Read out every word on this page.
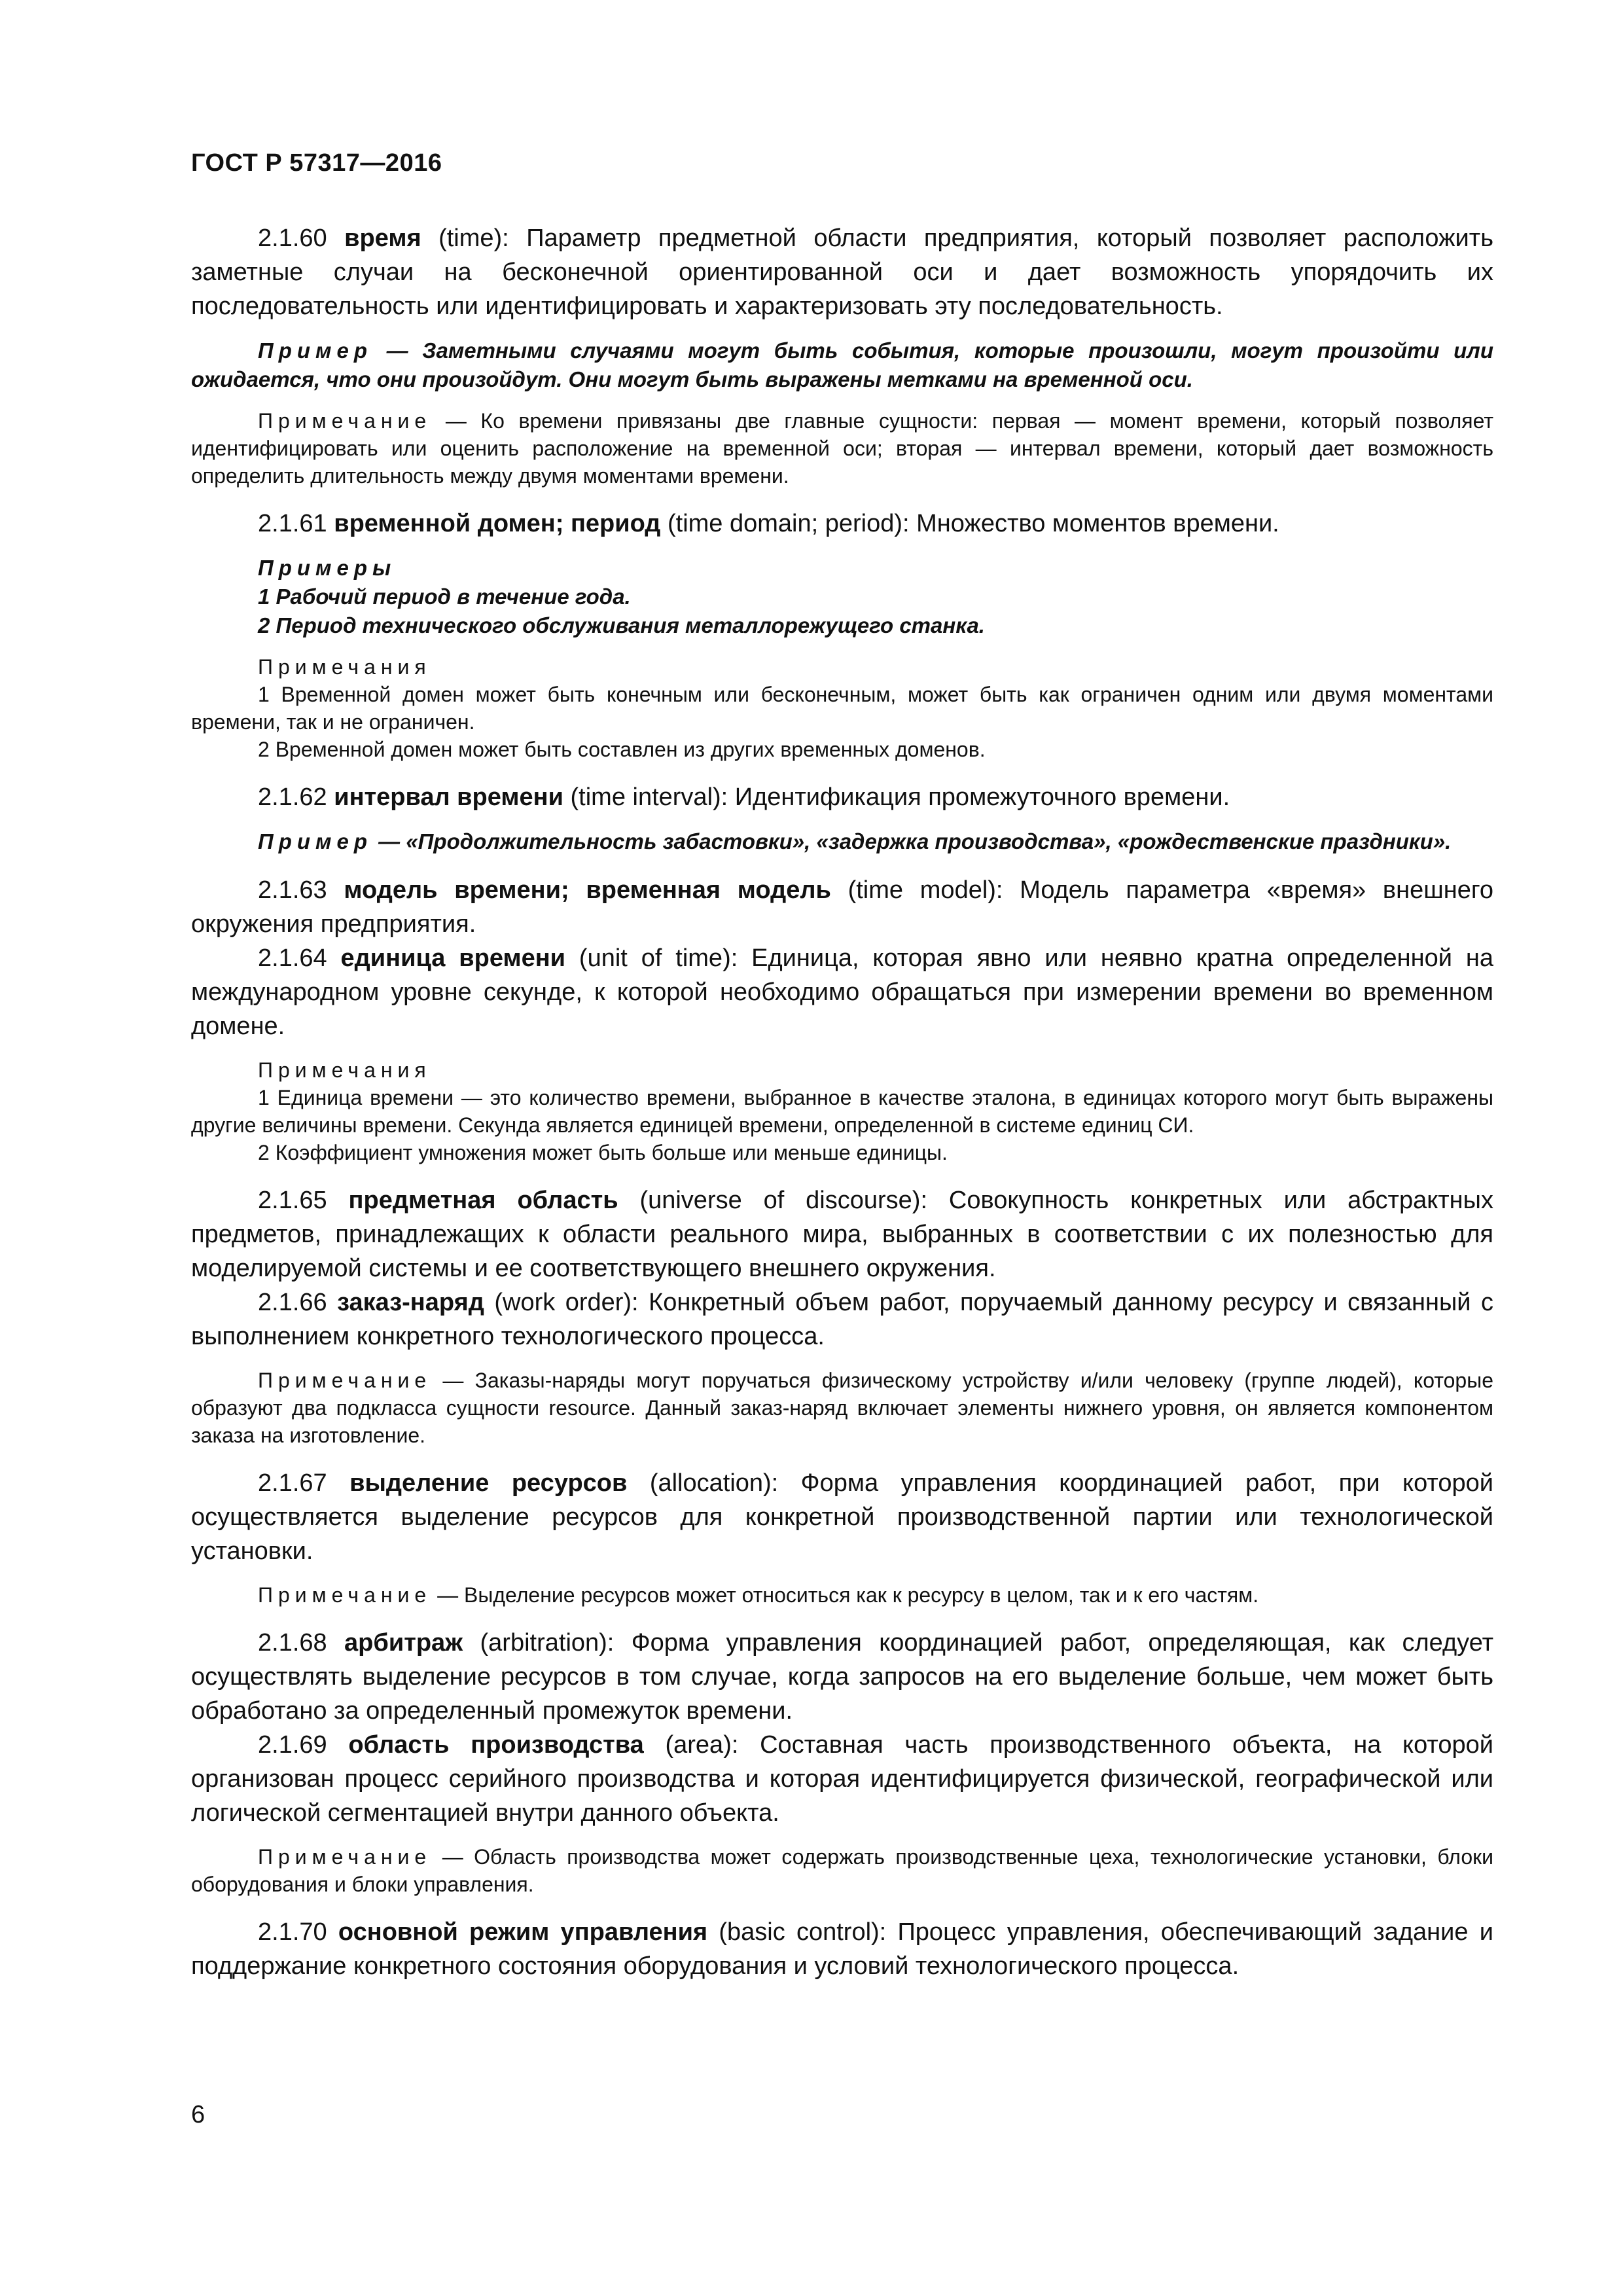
ГОСТ Р 57317—2016

2.1.60 время (time): Параметр предметной области предприятия, который позволяет расположить заметные случаи на бесконечной ориентированной оси и дает возможность упорядочить их последовательность или идентифицировать и характеризовать эту последовательность.

Пример — Заметными случаями могут быть события, которые произошли, могут произойти или ожидается, что они произойдут. Они могут быть выражены метками на временной оси.

Примечание — Ко времени привязаны две главные сущности: первая — момент времени, который позволяет идентифицировать или оценить расположение на временной оси; вторая — интервал времени, который дает возможность определить длительность между двумя моментами времени.

2.1.61 временной домен; период (time domain; period): Множество моментов времени.

Примеры

1 Рабочий период в течение года.

2 Период технического обслуживания металлорежущего станка.

Примечания

1 Временной домен может быть конечным или бесконечным, может быть как ограничен одним или двумя моментами времени, так и не ограничен.

2 Временной домен может быть составлен из других временных доменов.

2.1.62 интервал времени (time interval): Идентификация промежуточного времени.

Пример — «Продолжительность забастовки», «задержка производства», «рождественские праздники».

2.1.63 модель времени; временная модель (time model): Модель параметра «время» внешнего окружения предприятия.

2.1.64 единица времени (unit of time): Единица, которая явно или неявно кратна определенной на международном уровне секунде, к которой необходимо обращаться при измерении времени во временном домене.

Примечания

1 Единица времени — это количество времени, выбранное в качестве эталона, в единицах которого могут быть выражены другие величины времени. Секунда является единицей времени, определенной в системе единиц СИ.

2 Коэффициент умножения может быть больше или меньше единицы.

2.1.65 предметная область (universe of discourse): Совокупность конкретных или абстрактных предметов, принадлежащих к области реального мира, выбранных в соответствии с их полезностью для моделируемой системы и ее соответствующего внешнего окружения.

2.1.66 заказ-наряд (work order): Конкретный объем работ, поручаемый данному ресурсу и связанный с выполнением конкретного технологического процесса.

Примечание — Заказы-наряды могут поручаться физическому устройству и/или человеку (группе людей), которые образуют два подкласса сущности resource. Данный заказ-наряд включает элементы нижнего уровня, он является компонентом заказа на изготовление.

2.1.67 выделение ресурсов (allocation): Форма управления координацией работ, при которой осуществляется выделение ресурсов для конкретной производственной партии или технологической установки.

Примечание — Выделение ресурсов может относиться как к ресурсу в целом, так и к его частям.

2.1.68 арбитраж (arbitration): Форма управления координацией работ, определяющая, как следует осуществлять выделение ресурсов в том случае, когда запросов на его выделение больше, чем может быть обработано за определенный промежуток времени.

2.1.69 область производства (area): Составная часть производственного объекта, на которой организован процесс серийного производства и которая идентифицируется физической, географической или логической сегментацией внутри данного объекта.

Примечание — Область производства может содержать производственные цеха, технологические установки, блоки оборудования и блоки управления.

2.1.70 основной режим управления (basic control): Процесс управления, обеспечивающий задание и поддержание конкретного состояния оборудования и условий технологического процесса.

6
